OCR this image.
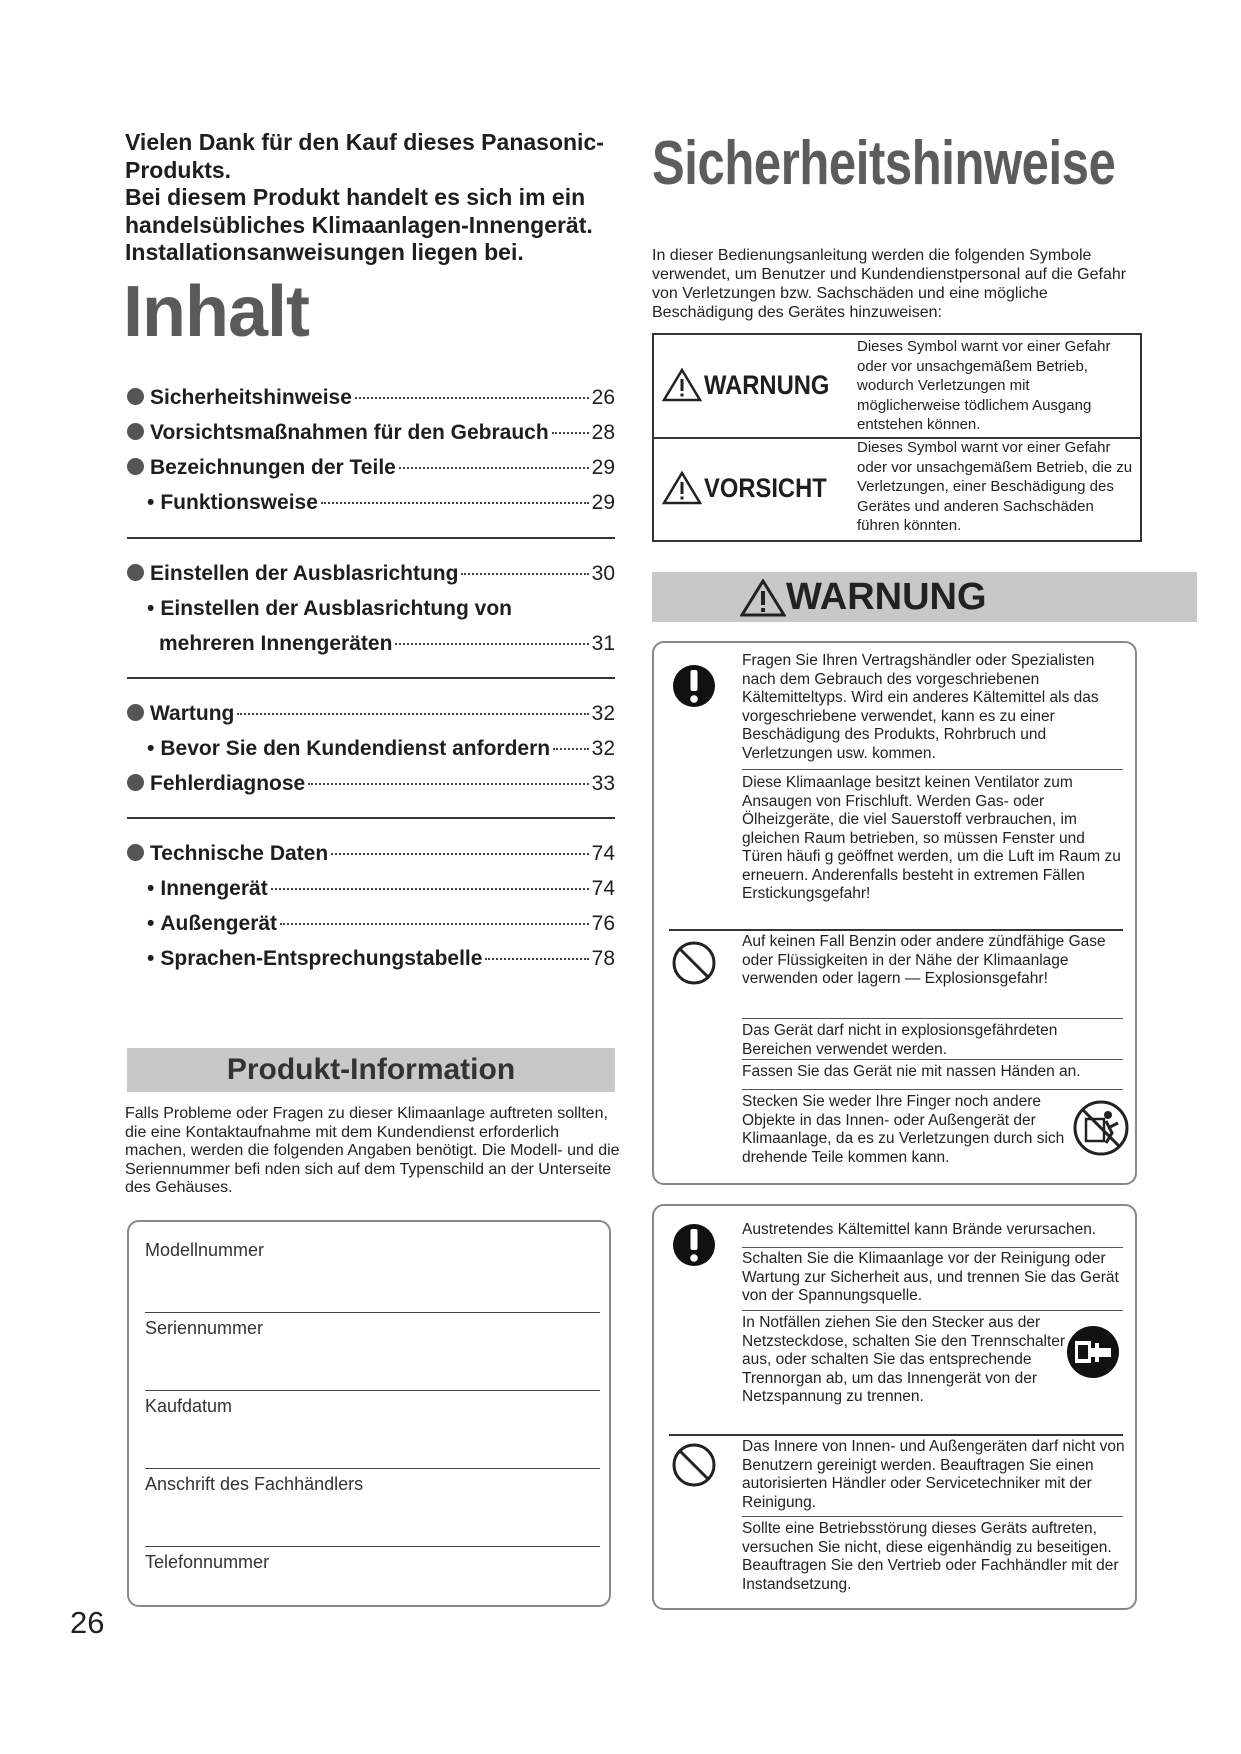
Vielen Dank für den Kauf dieses Panasonic-
Produkts.
Bei diesem Produkt handelt es sich im ein
handelsübliches Klimaanlagen-Innengerät.
Installationsanweisungen liegen bei.
Inhalt
Sicherheitshinweise	26
Vorsichtsmaßnahmen für den Gebrauch 28
Bezeichnungen der Teile	29
• Funktionsweise	29
Einstellen der Ausblasrichtung	30
• Einstellen der Ausblasrichtung von
mehreren Innengeräten	31
Wartung	32
• Bevor Sie den Kundendienst anfordern 32
Fehlerdiagnose	33
Technische Daten	74
• Innengerät	74
• Außengerät	76
• Sprachen-Entsprechungstabelle	78
Produkt-Information
Falls Probleme oder Fragen zu dieser Klimaanlage auftreten sollten, die eine Kontaktaufnahme mit dem Kundendienst erforderlich machen, werden die folgenden Angaben benötigt. Die Modell- und die Seriennummer befi nden sich auf dem Typenschild an der Unterseite des Gehäuses.
Modellnummer
Seriennummer
Kaufdatum
Anschrift des Fachhändlers
Telefonnummer
26
Sicherheitshinweise
In dieser Bedienungsanleitung werden die folgenden Symbole verwendet, um Benutzer und Kundendienstpersonal auf die Gefahr von Verletzungen bzw. Sachschäden und eine mögliche Beschädigung des Gerätes hinzuweisen:
WARNUNG
Dieses Symbol warnt vor einer Gefahr oder vor unsachgemäßem Betrieb, wodurch Verletzungen mit möglicherweise tödlichem Ausgang entstehen können.
VORSICHT
Dieses Symbol warnt vor einer Gefahr oder vor unsachgemäßem Betrieb, die zu Verletzungen, einer Beschädigung des Gerätes und anderen Sachschäden führen könnten.
WARNUNG
Fragen Sie Ihren Vertragshändler oder Spezialisten nach dem Gebrauch des vorgeschriebenen Kältemitteltyps. Wird ein anderes Kältemittel als das vorgeschriebene verwendet, kann es zu einer Beschädigung des Produkts, Rohrbruch und Verletzungen usw. kommen.
Diese Klimaanlage besitzt keinen Ventilator zum Ansaugen von Frischluft. Werden Gas- oder Ölheizgeräte, die viel Sauerstoff verbrauchen, im gleichen Raum betrieben, so müssen Fenster und Türen häufi g geöffnet werden, um die Luft im Raum zu erneuern. Anderenfalls besteht in extremen Fällen Erstickungsgefahr!
Auf keinen Fall Benzin oder andere zündfähige Gase oder Flüssigkeiten in der Nähe der Klimaanlage verwenden oder lagern — Explosionsgefahr!
Das Gerät darf nicht in explosionsgefährdeten Bereichen verwendet werden.
Fassen Sie das Gerät nie mit nassen Händen an.
Stecken Sie weder Ihre Finger noch andere Objekte in das Innen- oder Außengerät der Klimaanlage, da es zu Verletzungen durch sich drehende Teile kommen kann.
Austretendes Kältemittel kann Brände verursachen.
Schalten Sie die Klimaanlage vor der Reinigung oder Wartung zur Sicherheit aus, und trennen Sie das Gerät von der Spannungsquelle.
In Notfällen ziehen Sie den Stecker aus der Netzsteckdose, schalten Sie den Trennschalter aus, oder schalten Sie das entsprechende Trennorgan ab, um das Innengerät von der Netzspannung zu trennen.
Das Innere von Innen- und Außengeräten darf nicht von Benutzern gereinigt werden. Beauftragen Sie einen autorisierten Händler oder Servicetechniker mit der Reinigung.
Sollte eine Betriebsstörung dieses Geräts auftreten, versuchen Sie nicht, diese eigenhändig zu beseitigen. Beauftragen Sie den Vertrieb oder Fachhändler mit der Instandsetzung.
